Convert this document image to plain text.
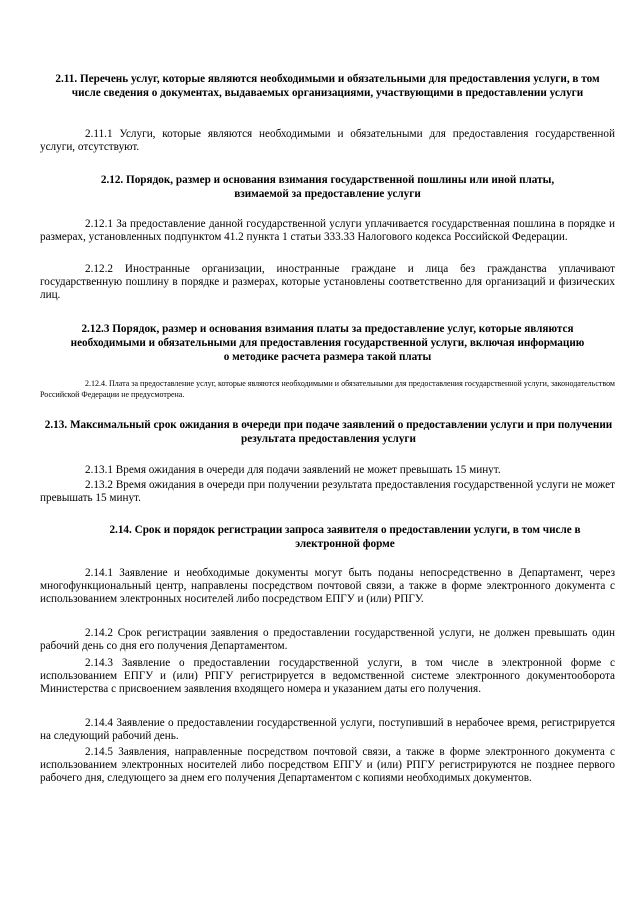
2.11. Перечень услуг, которые являются необходимыми и обязательными для предоставления услуги, в том числе сведения о документах, выдаваемых организациями, участвующими в предоставлении услуги
2.11.1 Услуги, которые являются необходимыми и обязательными для предоставления государственной услуги, отсутствуют.
2.12. Порядок, размер и основания взимания государственной пошлины или иной платы, взимаемой за предоставление услуги
2.12.1 За предоставление данной государственной услуги уплачивается государственная пошлина в порядке и размерах, установленных подпунктом 41.2 пункта 1 статьи 333.33 Налогового кодекса Российской Федерации.
2.12.2 Иностранные организации, иностранные граждане и лица без гражданства уплачивают государственную пошлину в порядке и размерах, которые установлены соответственно для организаций и физических лиц.
2.12.3 Порядок, размер и основания взимания платы за предоставление услуг, которые являются необходимыми и обязательными для предоставления государственной услуги, включая информацию о методике расчета размера такой платы
2.12.4. Плата за предоставление услуг, которые являются необходимыми и обязательными для предоставления государственной услуги, законодательством Российской Федерации не предусмотрена.
2.13. Максимальный срок ожидания в очереди при подаче заявлений о предоставлении услуги и при получении результата предоставления услуги
2.13.1 Время ожидания в очереди для подачи заявлений не может превышать 15 минут.
2.13.2 Время ожидания в очереди при получении результата предоставления государственной услуги не может превышать 15 минут.
2.14. Срок и порядок регистрации запроса заявителя о предоставлении услуги, в том числе в электронной форме
2.14.1 Заявление и необходимые документы могут быть поданы непосредственно в Департамент, через многофункциональный центр, направлены посредством почтовой связи, а также в форме электронного документа с использованием электронных носителей либо посредством ЕПГУ и (или) РПГУ.
2.14.2 Срок регистрации заявления о предоставлении государственной услуги, не должен превышать один рабочий день со дня его получения Департаментом.
2.14.3 Заявление о предоставлении государственной услуги, в том числе в электронной форме с использованием ЕПГУ и (или) РПГУ регистрируется в ведомственной системе электронного документооборота Министерства с присвоением заявления входящего номера и указанием даты его получения.
2.14.4 Заявление о предоставлении государственной услуги, поступивший в нерабочее время, регистрируется на следующий рабочий день.
2.14.5 Заявления, направленные посредством почтовой связи, а также в форме электронного документа с использованием электронных носителей либо посредством ЕПГУ и (или) РПГУ регистрируются не позднее первого рабочего дня, следующего за днем его получения Департаментом с копиями необходимых документов.
